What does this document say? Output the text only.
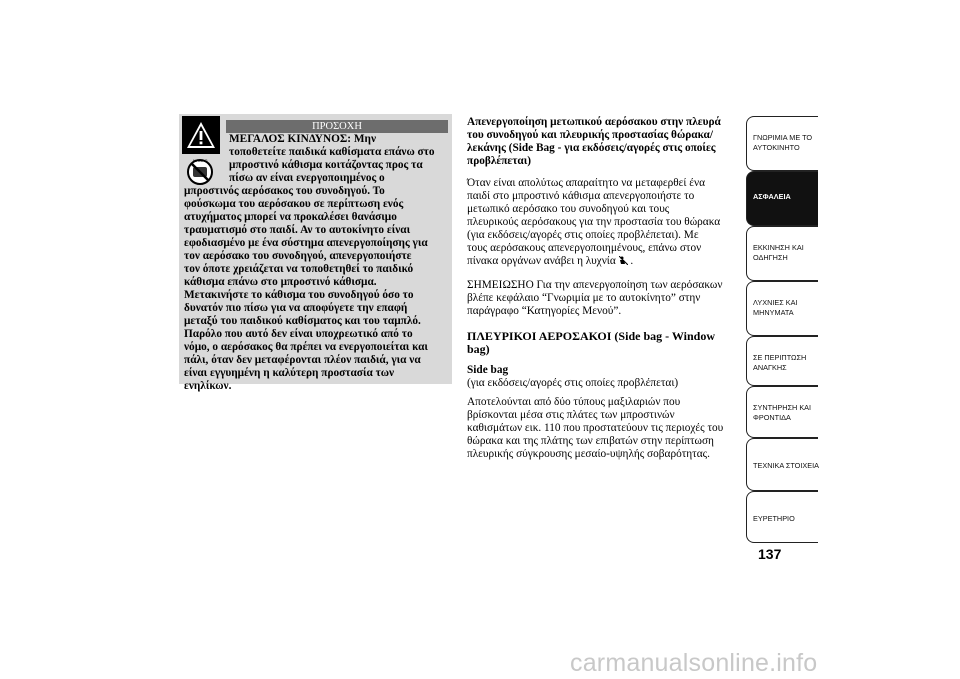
AIRBAG
ΠΡΟΣΟΧΗ
ΜΕΓΑΛΟΣ ΚΙΝΔΥΝΟΣ: Μην
τοποθετείτε παιδικά καθίσματα επάνω στο
μπροστινό κάθισμα κοιτάζοντας προς τα
πίσω αν είναι ενεργοποιημένος ο
μπροστινός αερόσακος του συνοδηγού. Το
φούσκωμα του αερόσακου σε περίπτωση ενός
ατυχήματος μπορεί να προκαλέσει θανάσιμο
τραυματισμό στο παιδί. Αν το αυτοκίνητο είναι
εφοδιασμένο με ένα σύστημα απενεργοποίησης για
τον αερόσακο του συνοδηγού, απενεργοποιήστε
τον όποτε χρειάζεται να τοποθετηθεί το παιδικό
κάθισμα επάνω στο μπροστινό κάθισμα.
Μετακινήστε το κάθισμα του συνοδηγού όσο το
δυνατόν πιο πίσω για να αποφύγετε την επαφή
μεταξύ του παιδικού καθίσματος και του ταμπλό.
Παρόλο που αυτό δεν είναι υποχρεωτικό από το
νόμο, ο αερόσακος θα πρέπει να ενεργοποιείται και
πάλι, όταν δεν μεταφέρονται πλέον παιδιά, για να
είναι εγγυημένη η καλύτερη προστασία των
ενηλίκων.
Απενεργοποίηση μετωπικού αερόσακου στην πλευρά
του συνοδηγού και πλευρικής προστασίας θώρακα/
λεκάνης (Side Bag - για εκδόσεις/αγορές στις οποίες
προβλέπεται)
Όταν είναι απολύτως απαραίτητο να μεταφερθεί ένα
παιδί στο μπροστινό κάθισμα απενεργοποιήστε το
μετωπικό αερόσακο του συνοδηγού και τους
πλευρικούς αερόσακους για την προστασία του θώρακα
(για εκδόσεις/αγορές στις οποίες προβλέπεται). Με
τους αερόσακους απενεργοποιημένους, επάνω στον
πίνακα οργάνων ανάβει η λυχνία .
ΣΗΜΕΙΩΣΗΟ Για την απενεργοποίηση των αερόσακων
βλέπε κεφάλαιο “Γνωριμία με το αυτοκίνητο” στην
παράγραφο “Κατηγορίες Μενού”.
ΠΛΕΥΡΙΚΟΙ ΑΕΡΟΣΑΚΟΙ (Side bag - Window
bag)
Side bag
(για εκδόσεις/αγορές στις οποίες προβλέπεται)
Αποτελούνται από δύο τύπους μαξιλαριών που
βρίσκονται μέσα στις πλάτες των μπροστινών
καθισμάτων εικ. 110 που προστατεύουν τις περιοχές του
θώρακα και της πλάτης των επιβατών στην περίπτωση
πλευρικής σύγκρουσης μεσαίο-υψηλής σοβαρότητας.
ΓΝΩΡΙΜΙΑ ΜΕ ΤΟ
ΑΥΤΟΚΙΝΗΤΟ
ΑΣΦΑΛΕΙΑ
ΕΚΚΙΝΗΣΗ ΚΑΙ
ΟΔΗΓΗΣΗ
ΛΥΧΝΙΕΣ ΚΑΙ
ΜΗΝΥΜΑΤΑ
ΣΕ ΠΕΡΙΠΤΩΣΗ
ΑΝΑΓΚΗΣ
ΣΥΝΤΗΡΗΣΗ ΚΑΙ
ΦΡΟΝΤΙΔΑ
ΤΕΧΝΙΚΑ ΣΤΟΙΧΕΙΑ
ΕΥΡΕΤΗΡΙΟ
137
carmanualsonline.info
